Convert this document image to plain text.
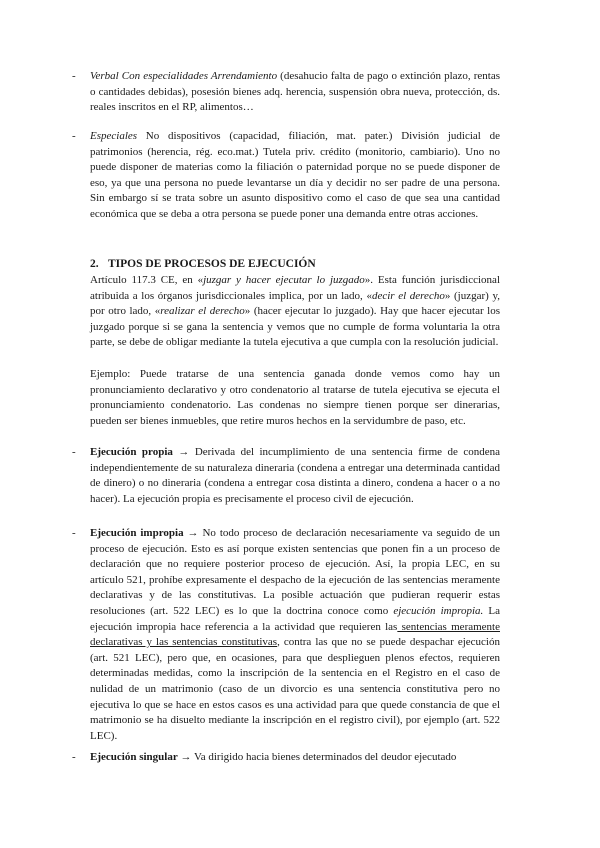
- Verbal Con especialidades Arrendamiento (desahucio falta de pago o extinción plazo, rentas o cantidades debidas), posesión bienes adq. herencia, suspensión obra nueva, protección, ds. reales inscritos en el RP, alimentos…
- Especiales No dispositivos (capacidad, filiación, mat. pater.) División judicial de patrimonios (herencia, rég. eco.mat.) Tutela priv. crédito (monitorio, cambiario). Uno no puede disponer de materias como la filiación o paternidad porque no se puede disponer de eso, ya que una persona no puede levantarse un día y decidir no ser padre de una persona. Sin embargo sí se trata sobre un asunto dispositivo como el caso de que sea una cantidad económica que se deba a otra persona se puede poner una demanda entre otras acciones.
2. TIPOS DE PROCESOS DE EJECUCIÓN
Artículo 117.3 CE, en «juzgar y hacer ejecutar lo juzgado». Esta función jurisdiccional atribuida a los órganos jurisdiccionales implica, por un lado, «decir el derecho» (juzgar) y, por otro lado, «realizar el derecho» (hacer ejecutar lo juzgado). Hay que hacer ejecutar los juzgado porque si se gana la sentencia y vemos que no cumple de forma voluntaria la otra parte, se debe de obligar mediante la tutela ejecutiva a que cumpla con la resolución judicial.
Ejemplo: Puede tratarse de una sentencia ganada donde vemos como hay un pronunciamiento declarativo y otro condenatorio al tratarse de tutela ejecutiva se ejecuta el pronunciamiento condenatorio. Las condenas no siempre tienen porque ser dinerarias, pueden ser bienes inmuebles, que retire muros hechos en la servidumbre de paso, etc.
- Ejecución propia → Derivada del incumplimiento de una sentencia firme de condena independientemente de su naturaleza dineraria (condena a entregar una determinada cantidad de dinero) o no dineraria (condena a entregar cosa distinta a dinero, condena a hacer o a no hacer). La ejecución propia es precisamente el proceso civil de ejecución.
- Ejecución impropia → No todo proceso de declaración necesariamente va seguido de un proceso de ejecución. Esto es así porque existen sentencias que ponen fin a un proceso de declaración que no requiere posterior proceso de ejecución. Así, la propia LEC, en su artículo 521, prohíbe expresamente el despacho de la ejecución de las sentencias meramente declarativas y de las constitutivas. La posible actuación que pudieran requerir estas resoluciones (art. 522 LEC) es lo que la doctrina conoce como ejecución impropia. La ejecución impropia hace referencia a la actividad que requieren las sentencias meramente declarativas y las sentencias constitutivas, contra las que no se puede despachar ejecución (art. 521 LEC), pero que, en ocasiones, para que desplieguen plenos efectos, requieren determinadas medidas, como la inscripción de la sentencia en el Registro en el caso de nulidad de un matrimonio (caso de un divorcio es una sentencia constitutiva pero no ejecutiva lo que se hace en estos casos es una actividad para que quede constancia de que el matrimonio se ha disuelto mediante la inscripción en el registro civil), por ejemplo (art. 522 LEC).
- Ejecución singular → Va dirigido hacia bienes determinados del deudor ejecutado
